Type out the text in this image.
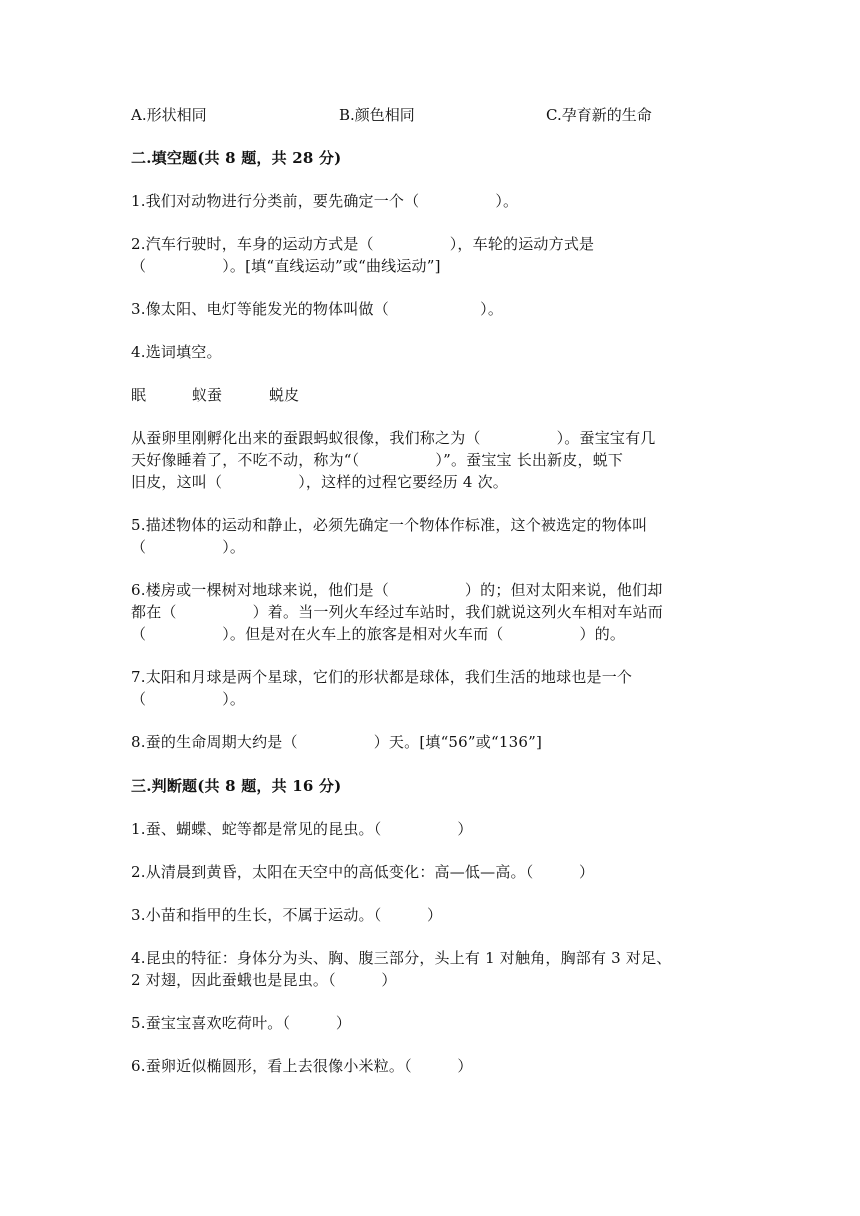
A.形状相同	B.颜色相同	C.孕育新的生命
二.填空题(共 8 题，共 28 分)
1.我们对动物进行分类前，要先确定一个（　　　　　）。
2.汽车行驶时，车身的运动方式是（　　　　　），车轮的运动方式是
（　　　　　）。[填“直线运动”或“曲线运动”]
3.像太阳、电灯等能发光的物体叫做（　　　　　　）。
4.选词填空。
眠	蚁蚕	蜕皮
从蚕卵里刚孵化出来的蚕跟蚂蚁很像，我们称之为（　　　　　）。蚕宝宝有几
天好像睡着了，不吃不动，称为“（　　　　　）”。蚕宝宝 长出新皮，蜕下
旧皮，这叫（　　　　　），这样的过程它要经历 4 次。
5.描述物体的运动和静止，必须先确定一个物体作标准，这个被选定的物体叫
（　　　　　）。
6.楼房或一棵树对地球来说，他们是（　　　　　）的；但对太阳来说，他们却
都在（　　　　　）着。当一列火车经过车站时，我们就说这列火车相对车站而
（　　　　　）。但是对在火车上的旅客是相对火车而（　　　　　）的。
7.太阳和月球是两个星球，它们的形状都是球体，我们生活的地球也是一个
（　　　　　）。
8.蚕的生命周期大约是（　　　　　）天。[填“56”或“136”]
三.判断题(共 8 题，共 16 分)
1.蚕、蝴蝶、蛇等都是常见的昆虫。（　　　　　）
2.从清晨到黄昏，太阳在天空中的高低变化：高—低—高。（　　　）
3.小苗和指甲的生长，不属于运动。（　　　）
4.昆虫的特征：身体分为头、胸、腹三部分，头上有 1 对触角，胸部有 3 对足、
2 对翅，因此蚕蛾也是昆虫。（　　　）
5.蚕宝宝喜欢吃荷叶。（　　　）
6.蚕卵近似椭圆形，看上去很像小米粒。（　　　）
